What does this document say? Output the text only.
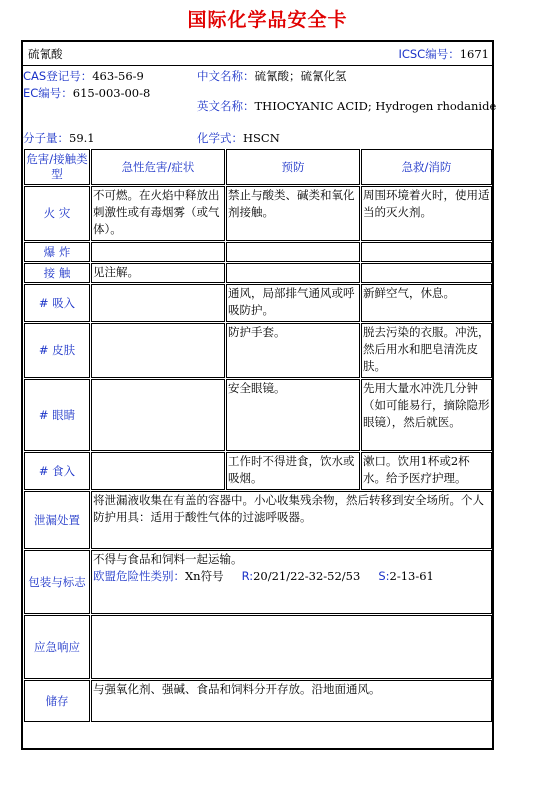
国际化学品安全卡
硫氰酸	ICSC编号：1671
CAS登记号：463-56-9
EC编号：615-003-00-8
中文名称：硫氰酸；硫氰化氢
英文名称：THIOCYANIC ACID; Hydrogen rhodanide
分子量：59.1	化学式：HSCN
危害/接触类型	急性危害/症状	预防	急救/消防
火 灾	不可燃。在火焰中释放出刺激性或有毒烟雾（或气体）。	禁止与酸类、碱类和氧化剂接触。	周围环境着火时，使用适当的灭火剂。
爆 炸			
接 触	见注解。		
# 吸入		通风，局部排气通风或呼吸防护。	新鲜空气，休息。
# 皮肤		防护手套。	脱去污染的衣服。冲洗，然后用水和肥皂清洗皮肤。
# 眼睛		安全眼镜。	先用大量水冲洗几分钟（如可能易行，摘除隐形眼镜），然后就医。
# 食入		工作时不得进食，饮水或吸烟。	漱口。饮用1杯或2杯水。给予医疗护理。
泄漏处置	将泄漏液收集在有盖的容器中。小心收集残余物，然后转移到安全场所。个人防护用具：适用于酸性气体的过滤呼吸器。		
包装与标志	不得与食品和饲料一起运输。
欧盟危险性类别：Xn符号 R:20/21/22-32-52/53 S:2-13-61		

应急响应			
储存	与强氧化剂、强碱、食品和饲料分开存放。沿地面通风。		
